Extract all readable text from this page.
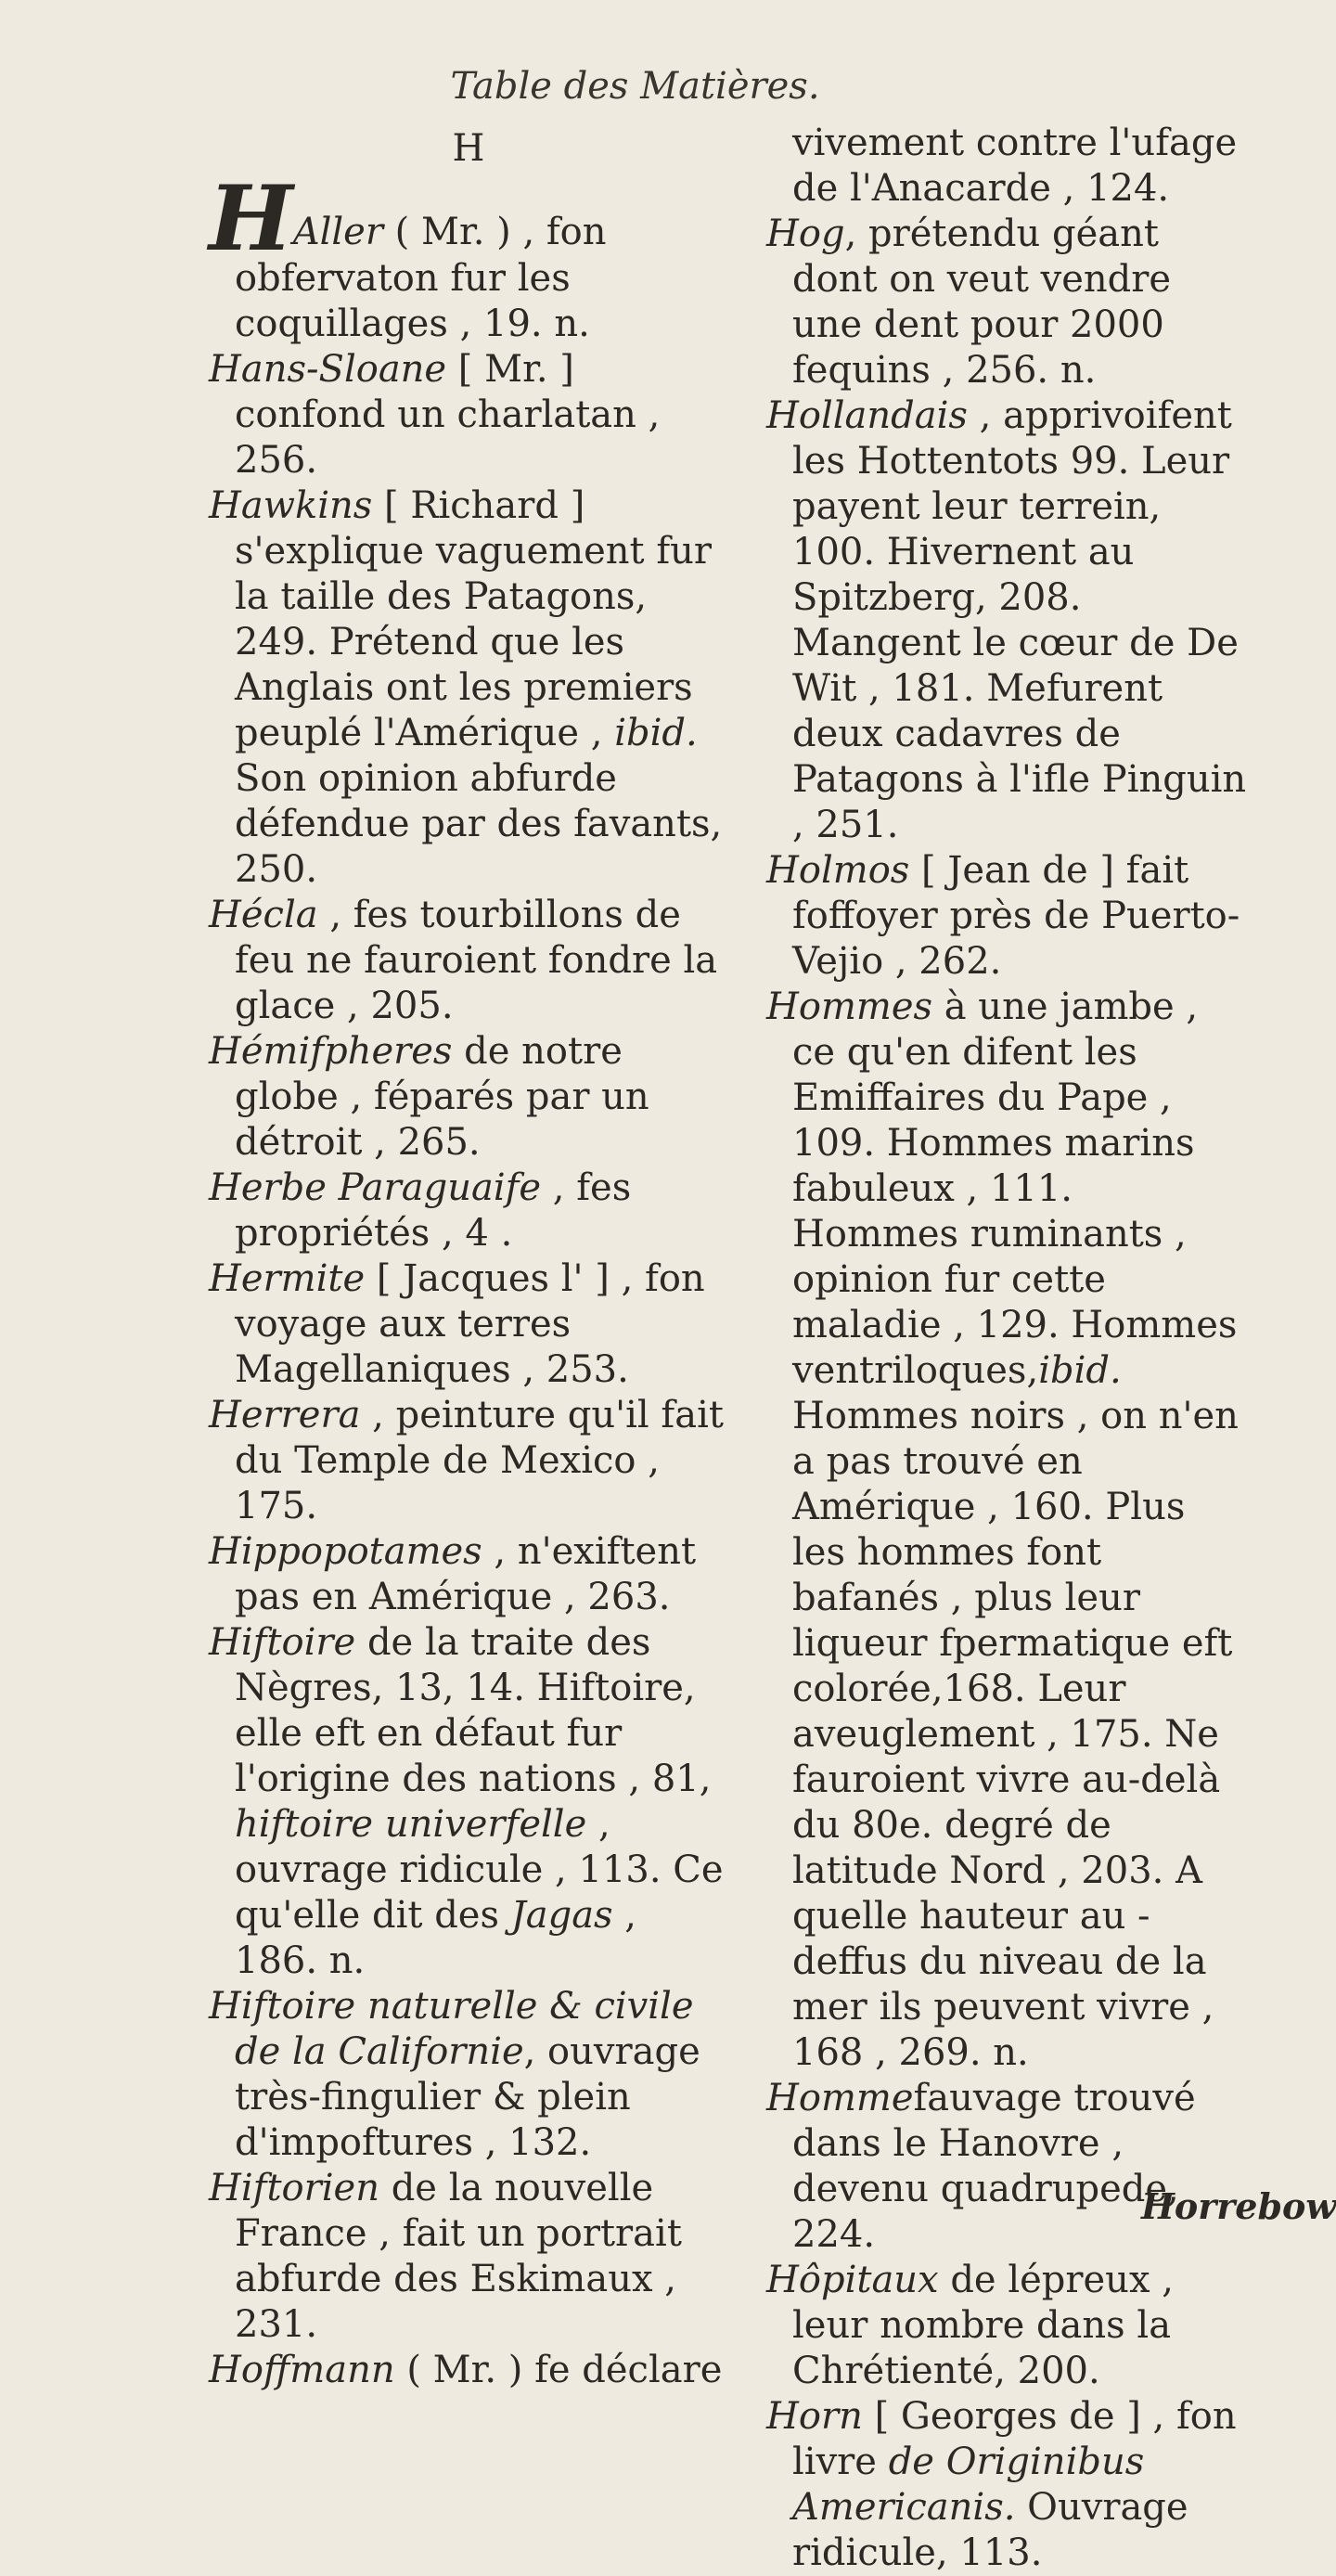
Table des Matières.
H

HAller ( Mr. ) , fon obfervaton fur les coquillages , 19. n.

Hans-Sloane [ Mr. ] confond un charlatan , 256.

Hawkins [ Richard ] s'explique vaguement fur la taille des Patagons, 249. Prétend que les Anglais ont les premiers peuplé l'Amérique , ibid. Son opinion abfurde défendue par des favants, 250.

Hécla , fes tourbillons de feu ne fauroient fondre la glace , 205.

Hémifpheres de notre globe , féparés par un détroit , 265.

Herbe Paraguaife , fes propriétés , 4 .

Hermite [ Jacques l' ] , fon voyage aux terres Magellaniques , 253.

Herrera , peinture qu'il fait du Temple de Mexico , 175.

Hippopotames , n'exiftent pas en Amérique , 263.

Hiftoire de la traite des Nègres, 13, 14. Hiftoire, elle eft en défaut fur l'origine des nations , 81, hiftoire univerfelle , ouvrage ridicule , 113. Ce qu'elle dit des Jagas , 186. n.

Hiftoire naturelle & civile de la Californie, ouvrage très-fingulier & plein d'impoftures , 132.

Hiftorien de la nouvelle France , fait un portrait abfurde des Eskimaux , 231.

Hoffmann ( Mr. ) fe déclare

vivement contre l'ufage de l'Anacarde , 124.

Hog, prétendu géant dont on veut vendre une dent pour 2000 fequins , 256. n.

Hollandais , apprivoifent les Hottentots 99. Leur payent leur terrein, 100. Hivernent au Spitzberg, 208. Mangent le cœur de De Wit , 181. Mefurent deux cadavres de Patagons à l'ifle Pinguin , 251.

Holmos [ Jean de ] fait foffoyer près de Puerto-Vejio , 262.

Hommes à une jambe , ce qu'en difent les Emiffaires du Pape , 109. Hommes marins fabuleux , 111. Hommes ruminants , opinion fur cette maladie , 129. Hommes ventriloques,ibid. Hommes noirs , on n'en a pas trouvé en Amérique , 160. Plus les hommes font bafanés , plus leur liqueur fpermatique eft colorée,168. Leur aveuglement , 175. Ne fauroient vivre au-delà du 80e. degré de latitude Nord , 203. A quelle hauteur au - deffus du niveau de la mer ils peuvent vivre , 168 , 269. n.

Hommefauvage trouvé dans le Hanovre , devenu quadrupede, 224.

Hôpitaux de lépreux , leur nombre dans la Chrétienté, 200.

Horn [ Georges de ] , fon livre de Originibus Americanis. Ouvrage ridicule, 113.

Horrebow
